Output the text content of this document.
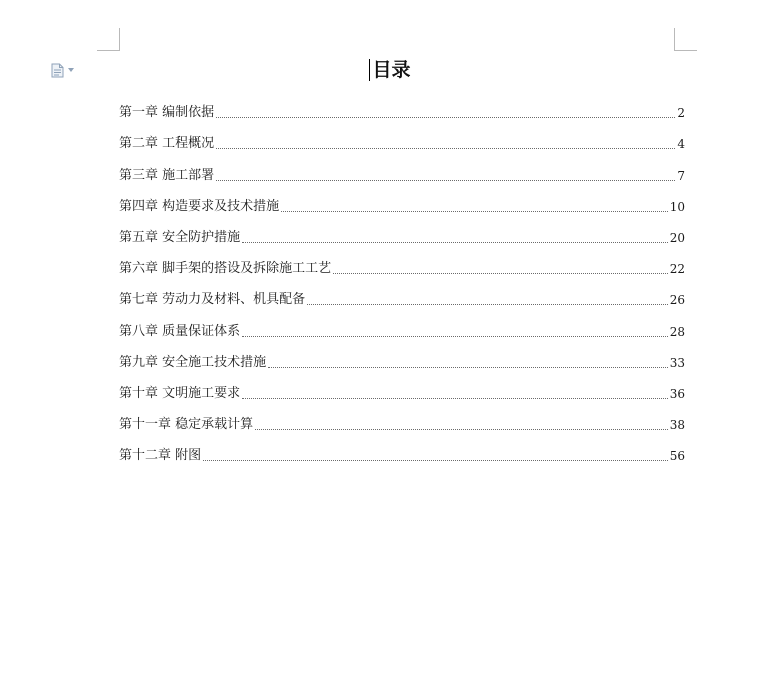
目录
第一章 编制依据	2
第二章 工程概况	4
第三章 施工部署	7
第四章 构造要求及技术措施	10
第五章 安全防护措施	20
第六章 脚手架的搭设及拆除施工工艺	22
第七章 劳动力及材料、机具配备	26
第八章 质量保证体系	28
第九章 安全施工技术措施	33
第十章 文明施工要求	36
第十一章 稳定承载计算	38
第十二章 附图	56
